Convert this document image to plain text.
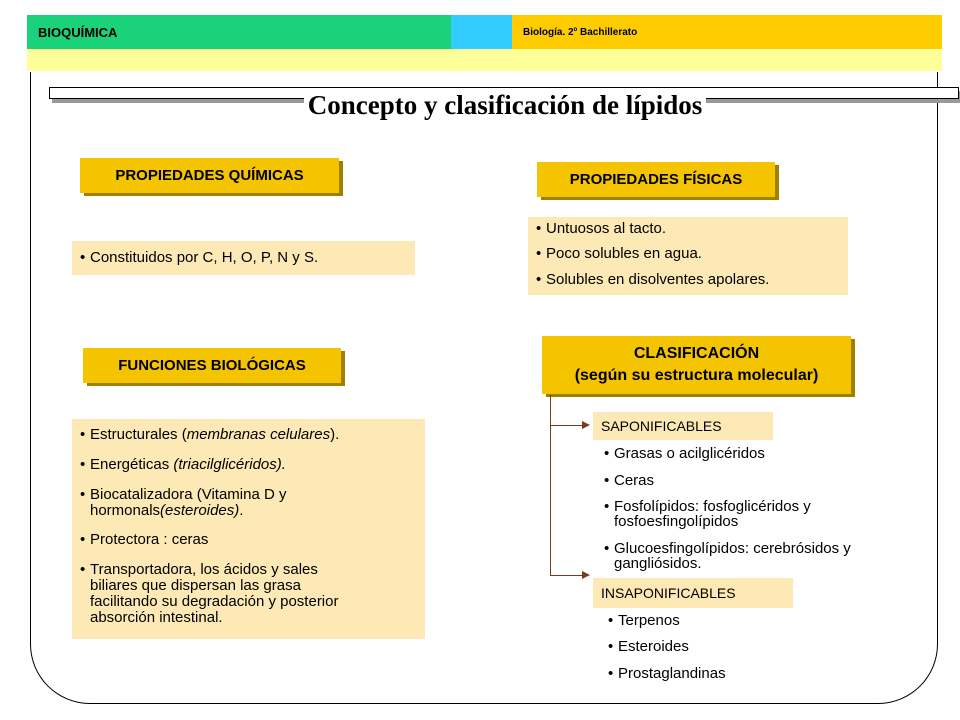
BIOQUÍMICA	Biología. 2º Bachillerato
Concepto y clasificación de lípidos
PROPIEDADES QUÍMICAS
• Constituidos por C, H, O, P, N y S.
PROPIEDADES FÍSICAS
• Untuosos al tacto.
• Poco solubles en agua.
• Solubles en disolventes apolares.
FUNCIONES BIOLÓGICAS
• Estructurales (membranas celulares).
• Energéticas (triacilglicéridos).
• Biocatalizadora (Vitamina D y
hormonals(esteroides).
• Protectora : ceras
• Transportadora, los ácidos y sales
biliares que dispersan las grasa
facilitando su degradación y posterior
absorción intestinal.
CLASIFICACIÓN
(según su estructura molecular)
SAPONIFICABLES
• Grasas o acilglicéridos
• Ceras
• Fosfolípidos: fosfoglicéridos y
fosfoesfingolípidos
• Glucoesfingolípidos: cerebrósidos y
gangliósidos.
INSAPONIFICABLES
• Terpenos
• Esteroides
• Prostaglandinas
